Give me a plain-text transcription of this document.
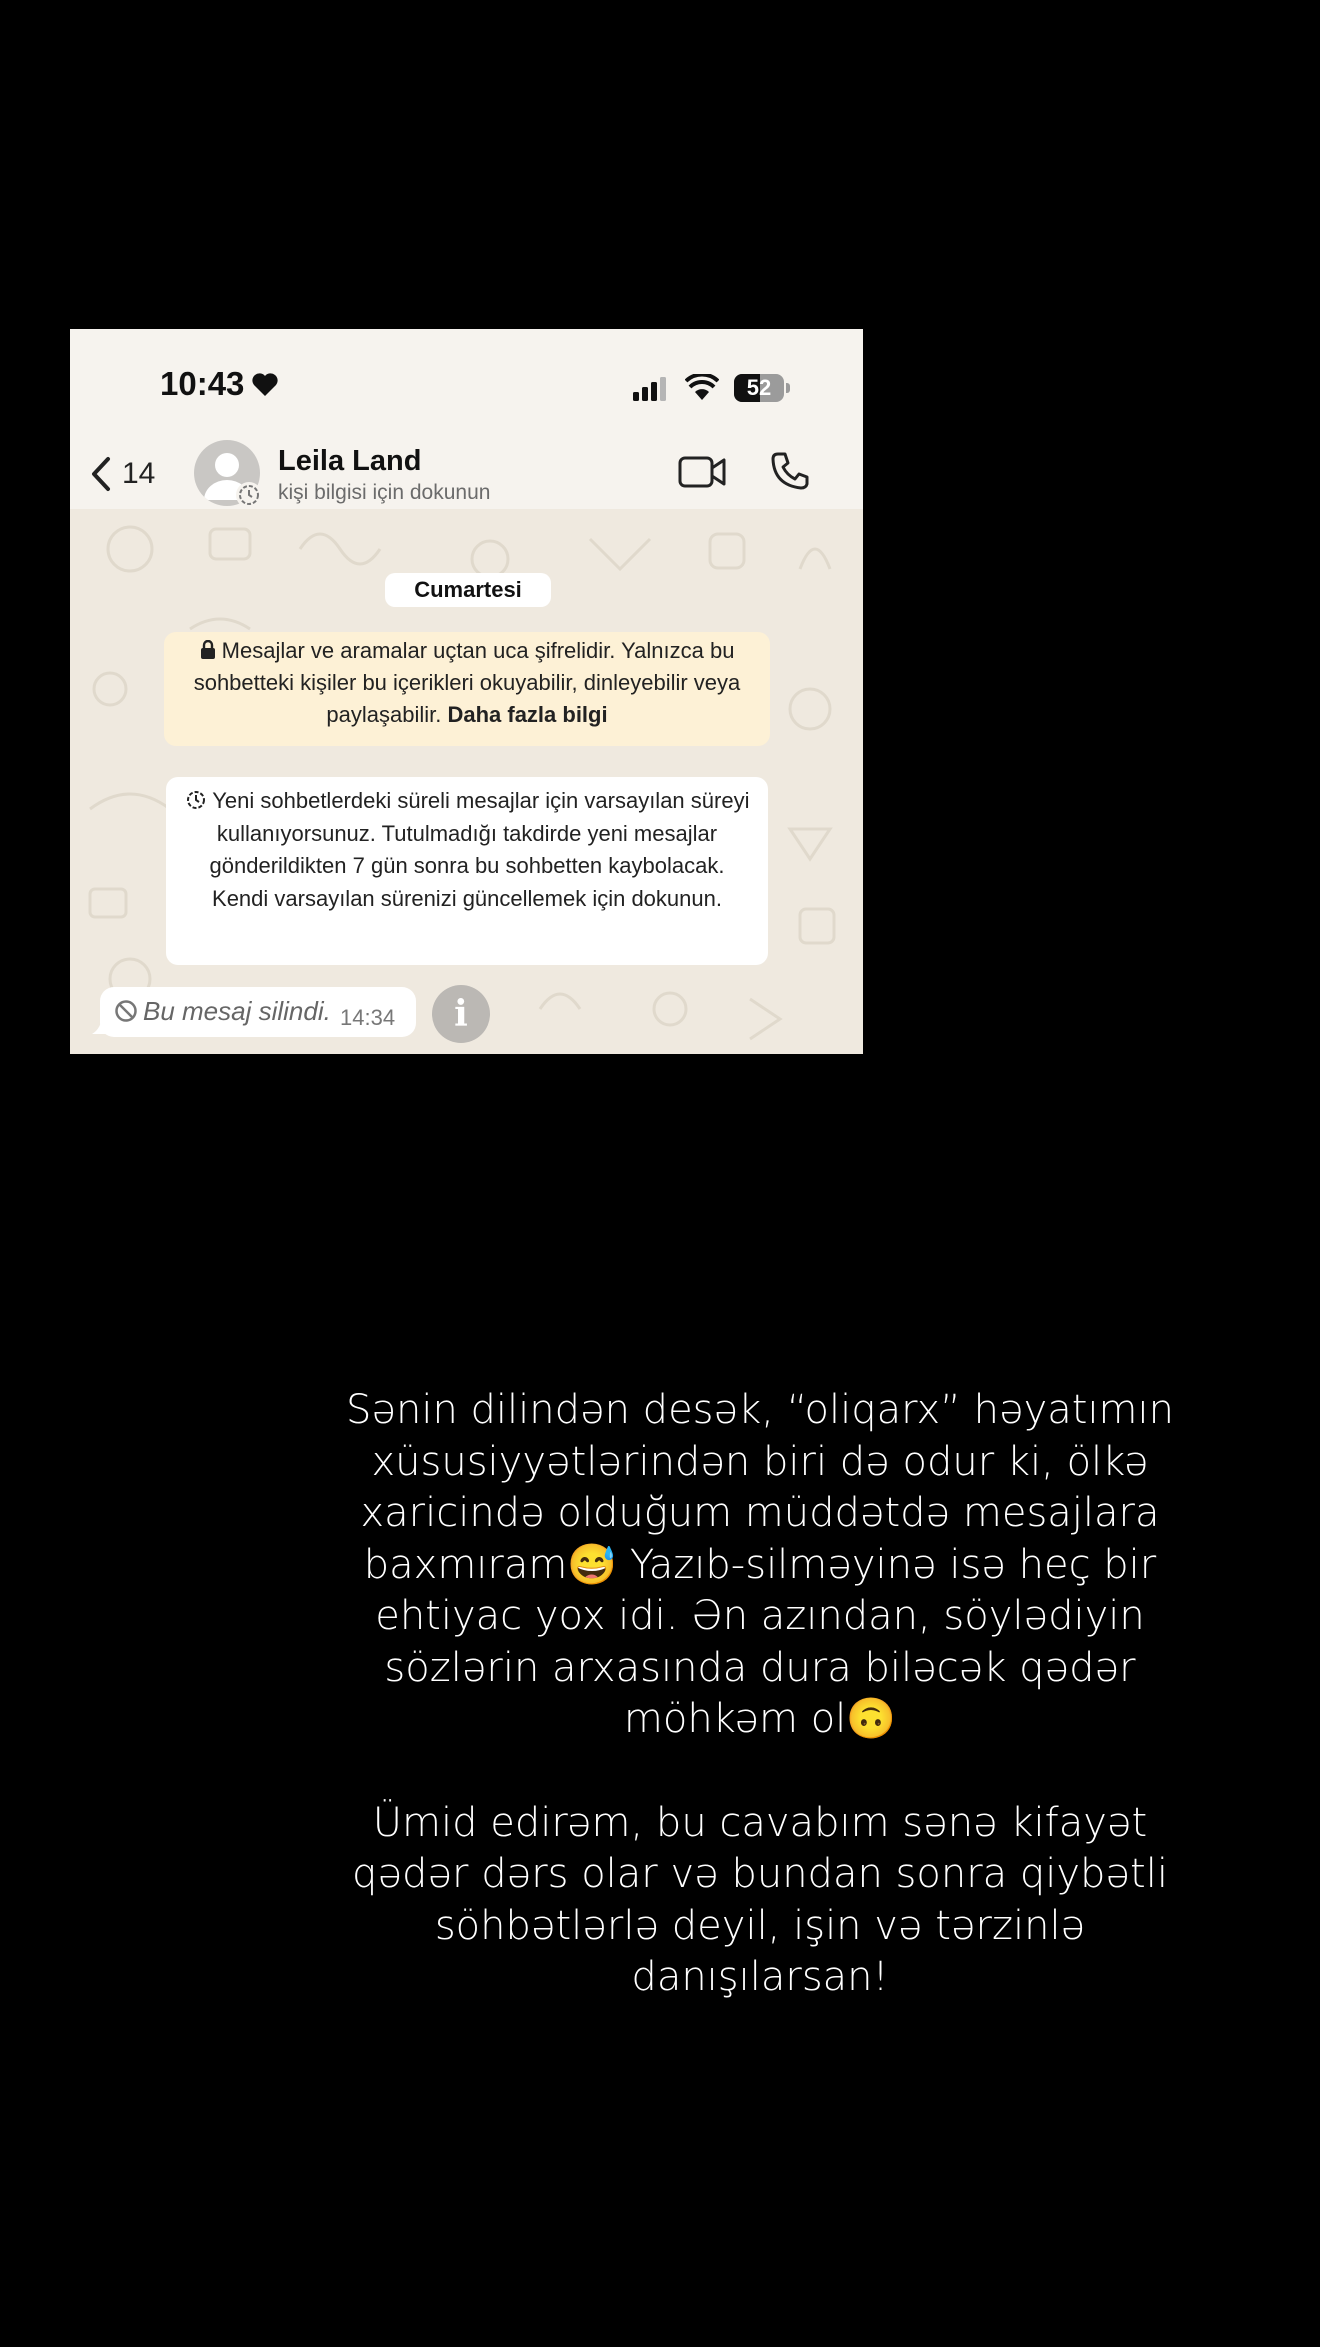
10:43	52
14	Leila Land
kişi bilgisi için dokunun
Cumartesi
Mesajlar ve aramalar uçtan uca şifrelidir. Yalnızca bu sohbetteki kişiler bu içerikleri okuyabilir, dinleyebilir veya paylaşabilir. Daha fazla bilgi
Yeni sohbetlerdeki süreli mesajlar için varsayılan süreyi kullanıyorsunuz. Tutulmadığı takdirde yeni mesajlar gönderildikten 7 gün sonra bu sohbetten kaybolacak. Kendi varsayılan sürenizi güncellemek için dokunun.
Bu mesaj silindi. 14:34	i

Sənin dilindən desək, “oliqarx” həyatımın

xüsusiyyətlərindən biri də odur ki, ölkə

xaricində olduğum müddətdə mesajlara

baxmıram😅 Yazıb-silməyinə isə heç bir

ehtiyac yox idi. Ən azından, söylədiyin

sözlərin arxasında dura biləcək qədər

möhkəm ol🙃

Ümid edirəm, bu cavabım sənə kifayət

qədər dərs olar və bundan sonra qiybətli

söhbətlərlə deyil, işin və tərzinlə

danışılarsan!
